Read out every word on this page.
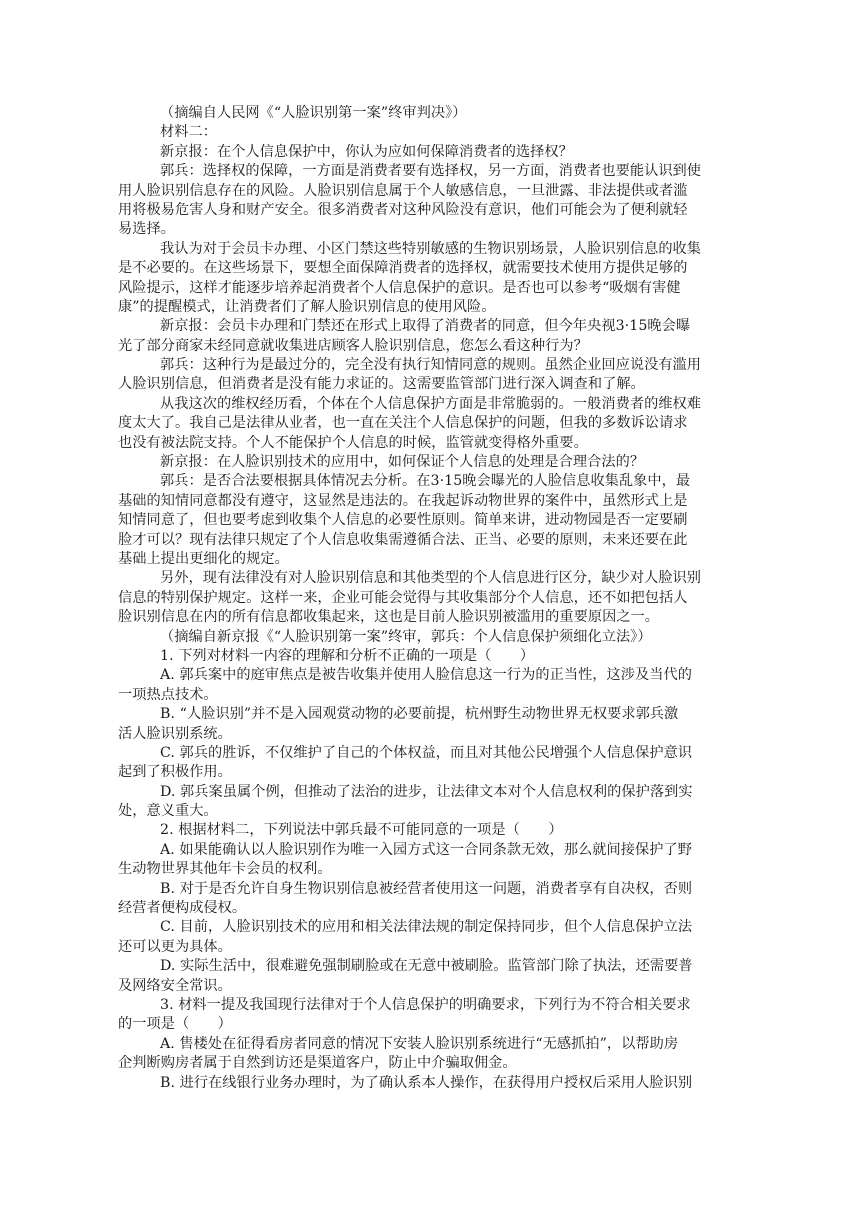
（摘编自人民网《“人脸识别第一案”终审判决》）
材料二：
新京报：在个人信息保护中，你认为应如何保障消费者的选择权？
郭兵：选择权的保障，一方面是消费者要有选择权，另一方面，消费者也要能认识到使
用人脸识别信息存在的风险。人脸识别信息属于个人敏感信息，一旦泄露、非法提供或者滥
用将极易危害人身和财产安全。很多消费者对这种风险没有意识，他们可能会为了便利就轻
易选择。
我认为对于会员卡办理、小区门禁这些特别敏感的生物识别场景，人脸识别信息的收集
是不必要的。在这些场景下，要想全面保障消费者的选择权，就需要技术使用方提供足够的
风险提示，这样才能逐步培养起消费者个人信息保护的意识。是否也可以参考“吸烟有害健
康”的提醒模式，让消费者们了解人脸识别信息的使用风险。
新京报：会员卡办理和门禁还在形式上取得了消费者的同意，但今年央视3·15晚会曝
光了部分商家未经同意就收集进店顾客人脸识别信息，您怎么看这种行为？
郭兵：这种行为是最过分的，完全没有执行知情同意的规则。虽然企业回应说没有滥用
人脸识别信息，但消费者是没有能力求证的。这需要监管部门进行深入调查和了解。
从我这次的维权经历看，个体在个人信息保护方面是非常脆弱的。一般消费者的维权难
度太大了。我自己是法律从业者，也一直在关注个人信息保护的问题，但我的多数诉讼请求
也没有被法院支持。个人不能保护个人信息的时候，监管就变得格外重要。
新京报：在人脸识别技术的应用中，如何保证个人信息的处理是合理合法的？
郭兵：是否合法要根据具体情况去分析。在3·15晚会曝光的人脸信息收集乱象中，最
基础的知情同意都没有遵守，这显然是违法的。在我起诉动物世界的案件中，虽然形式上是
知情同意了，但也要考虑到收集个人信息的必要性原则。简单来讲，进动物园是否一定要刷
脸才可以？现有法律只规定了个人信息收集需遵循合法、正当、必要的原则，未来还要在此
基础上提出更细化的规定。
另外，现有法律没有对人脸识别信息和其他类型的个人信息进行区分，缺少对人脸识别
信息的特别保护规定。这样一来，企业可能会觉得与其收集部分个人信息，还不如把包括人
脸识别信息在内的所有信息都收集起来，这也是目前人脸识别被滥用的重要原因之一。
（摘编自新京报《“人脸识别第一案”终审，郭兵：个人信息保护须细化立法》）
1. 下列对材料一内容的理解和分析不正确的一项是（　　）
A. 郭兵案中的庭审焦点是被告收集并使用人脸信息这一行为的正当性，这涉及当代的
一项热点技术。
B. “人脸识别”并不是入园观赏动物的必要前提，杭州野生动物世界无权要求郭兵激
活人脸识别系统。
C. 郭兵的胜诉，不仅维护了自己的个体权益，而且对其他公民增强个人信息保护意识
起到了积极作用。
D. 郭兵案虽属个例，但推动了法治的进步，让法律文本对个人信息权利的保护落到实
处，意义重大。
2. 根据材料二，下列说法中郭兵最不可能同意的一项是（　　）
A. 如果能确认以人脸识别作为唯一入园方式这一合同条款无效，那么就间接保护了野
生动物世界其他年卡会员的权利。
B. 对于是否允许自身生物识别信息被经营者使用这一问题，消费者享有自决权，否则
经营者便构成侵权。
C. 目前，人脸识别技术的应用和相关法律法规的制定保持同步，但个人信息保护立法
还可以更为具体。
D. 实际生活中，很难避免强制刷脸或在无意中被刷脸。监管部门除了执法，还需要普
及网络安全常识。
3. 材料一提及我国现行法律对于个人信息保护的明确要求，下列行为不符合相关要求
的一项是（　　）
A. 售楼处在征得看房者同意的情况下安装人脸识别系统进行“无感抓拍”，以帮助房
企判断购房者属于自然到访还是渠道客户，防止中介骗取佣金。
B. 进行在线银行业务办理时，为了确认系本人操作，在获得用户授权后采用人脸识别
